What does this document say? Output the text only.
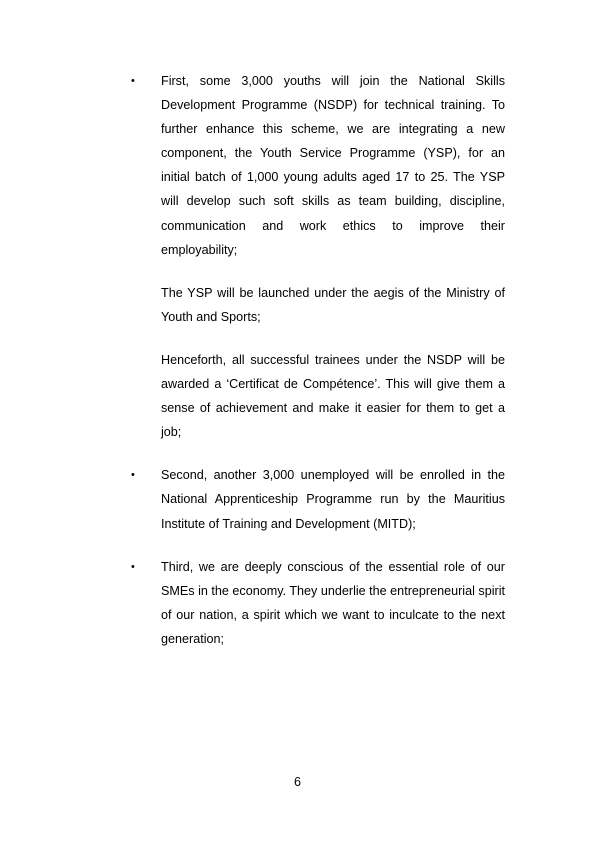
• First, some 3,000 youths will join the National Skills Development Programme (NSDP) for technical training. To further enhance this scheme, we are integrating a new component, the Youth Service Programme (YSP), for an initial batch of 1,000 young adults aged 17 to 25. The YSP will develop such soft skills as team building, discipline, communication and work ethics to improve their employability;
The YSP will be launched under the aegis of the Ministry of Youth and Sports;
Henceforth, all successful trainees under the NSDP will be awarded a ‘Certificat de Compétence’. This will give them a sense of achievement and make it easier for them to get a job;
• Second, another 3,000 unemployed will be enrolled in the National Apprenticeship Programme run by the Mauritius Institute of Training and Development (MITD);
• Third, we are deeply conscious of the essential role of our SMEs in the economy. They underlie the entrepreneurial spirit of our nation, a spirit which we want to inculcate to the next generation;
6
